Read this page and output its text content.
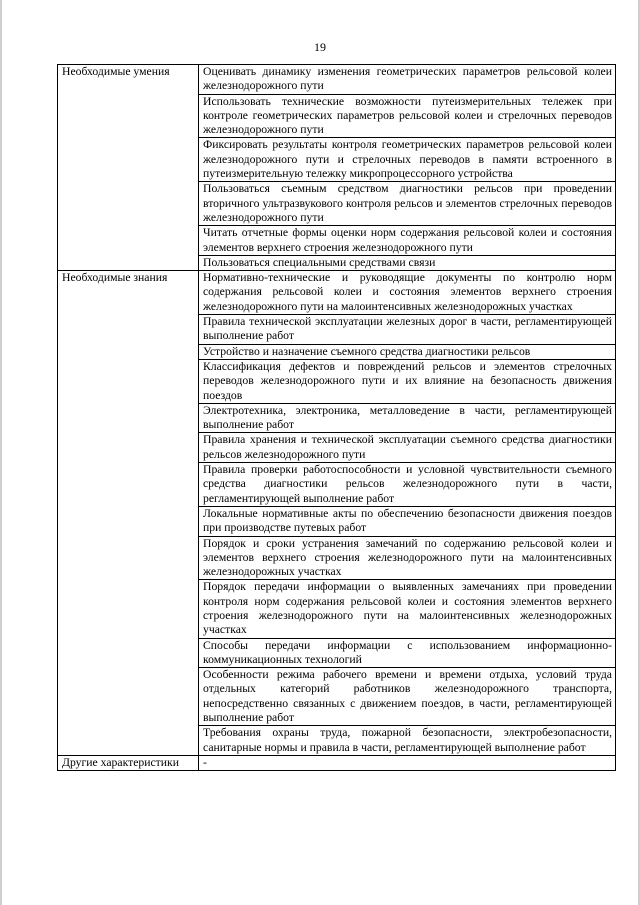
19
Необходимые умения	Оценивать динамику изменения геометрических параметров рельсовой колеи железнодорожного пути
	Использовать технические возможности путеизмерительных тележек при контроле геометрических параметров рельсовой колеи и стрелочных переводов железнодорожного пути
	Фиксировать результаты контроля геометрических параметров рельсовой колеи железнодорожного пути и стрелочных переводов в памяти встроенного в путеизмерительную тележку микропроцессорного устройства
	Пользоваться съемным средством диагностики рельсов при проведении вторичного ультразвукового контроля рельсов и элементов стрелочных переводов железнодорожного пути
	Читать отчетные формы оценки норм содержания рельсовой колеи и состояния элементов верхнего строения железнодорожного пути
	Пользоваться специальными средствами связи
Необходимые знания	Нормативно-технические и руководящие документы по контролю норм содержания рельсовой колеи и состояния элементов верхнего строения железнодорожного пути на малоинтенсивных железнодорожных участках
	Правила технической эксплуатации железных дорог в части, регламентирующей выполнение работ
	Устройство и назначение съемного средства диагностики рельсов
	Классификация дефектов и повреждений рельсов и элементов стрелочных переводов железнодорожного пути и их влияние на безопасность движения поездов
	Электротехника, электроника, металловедение в части, регламентирующей выполнение работ
	Правила хранения и технической эксплуатации съемного средства диагностики рельсов железнодорожного пути
	Правила проверки работоспособности и условной чувствительности съемного средства диагностики рельсов железнодорожного пути в части, регламентирующей выполнение работ
	Локальные нормативные акты по обеспечению безопасности движения поездов при производстве путевых работ
	Порядок и сроки устранения замечаний по содержанию рельсовой колеи и элементов верхнего строения железнодорожного пути на малоинтенсивных железнодорожных участках
	Порядок передачи информации о выявленных замечаниях при проведении контроля норм содержания рельсовой колеи и состояния элементов верхнего строения железнодорожного пути на малоинтенсивных железнодорожных участках
	Способы передачи информации с использованием информационно-коммуникационных технологий
	Особенности режима рабочего времени и времени отдыха, условий труда отдельных категорий работников железнодорожного транспорта, непосредственно связанных с движением поездов, в части, регламентирующей выполнение работ
	Требования охраны труда, пожарной безопасности, электробезопасности, санитарные нормы и правила в части, регламентирующей выполнение работ
Другие характеристики	-
